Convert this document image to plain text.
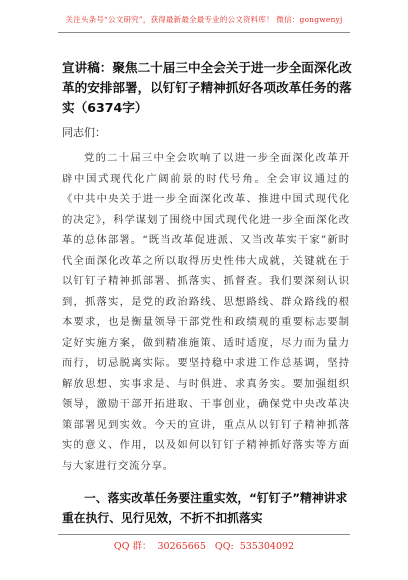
关注头条号“公文研究”，获得最新最全最专业的公文资料库！ 微信：gongwenyj
宣讲稿：聚焦二十届三中全会关于进一步全面深化改革的安排部署，以钉钉子精神抓好各项改革任务的落实（6374字）
同志们：
党的二十届三中全会吹响了以进一步全面深化改革开辟中国式现代化广阔前景的时代号角。全会审议通过的《中共中央关于进一步全面深化改革、推进中国式现代化的决定》，科学谋划了围绕中国式现代化进一步全面深化改革的总体部署。“既当改革促进派、又当改革实干家”新时代全面深化改革之所以取得历史性伟大成就，关键就在于以钉钉子精神抓部署、抓落实、抓督查。我们要深刻认识到，抓落实，是党的政治路线、思想路线、群众路线的根本要求，也是衡量领导干部党性和政绩观的重要标志要制定好实施方案，做到精准施策、适时适度，尽力而为量力而行，切忌脱离实际。要坚持稳中求进工作总基调，坚持解放思想、实事求是、与时俱进、求真务实。要加强组织领导，激励干部开拓进取、干事创业，确保党中央改革决策部署见到实效。今天的宣讲，重点从以钉钉子精神抓落实的意义、作用，以及如何以钉钉子精神抓好落实等方面与大家进行交流分享。
一、落实改革任务要注重实效，“钉钉子”精神讲求重在执行、见行见效，不折不扣抓落实
QQ 群： 30265665 QQ: 535304092
